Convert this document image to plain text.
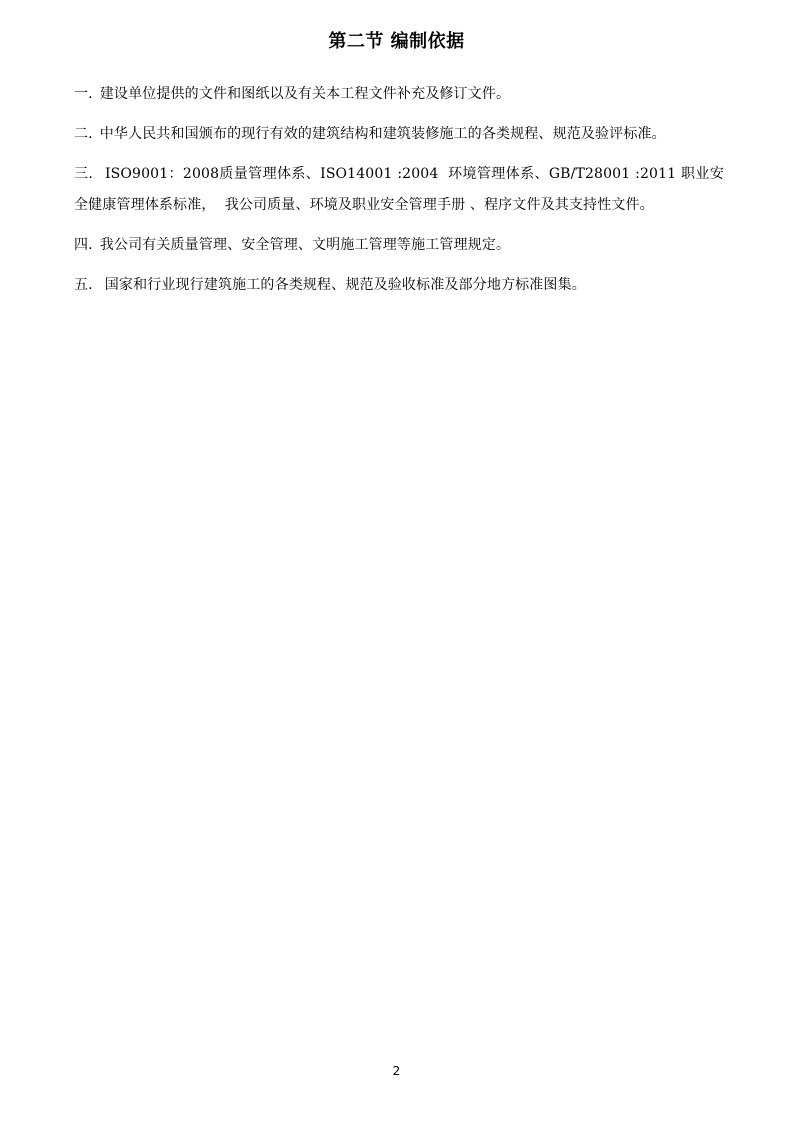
第二节 编制依据

一. 建设单位提供的文件和图纸以及有关本工程文件补充及修订文件。

二. 中华人民共和国颁布的现行有效的建筑结构和建筑装修施工的各类规程、规范及验评标准。

三. ISO9001：2008质量管理体系、ISO14001 :2004  环境管理体系、GB/T28001 :2011 职业安全健康管理体系标准，  我公司质量、环境及职业安全管理手册 、程序文件及其支持性文件。

四. 我公司有关质量管理、安全管理、文明施工管理等施工管理规定。

五. 国家和行业现行建筑施工的各类规程、规范及验收标准及部分地方标准图集。

2
